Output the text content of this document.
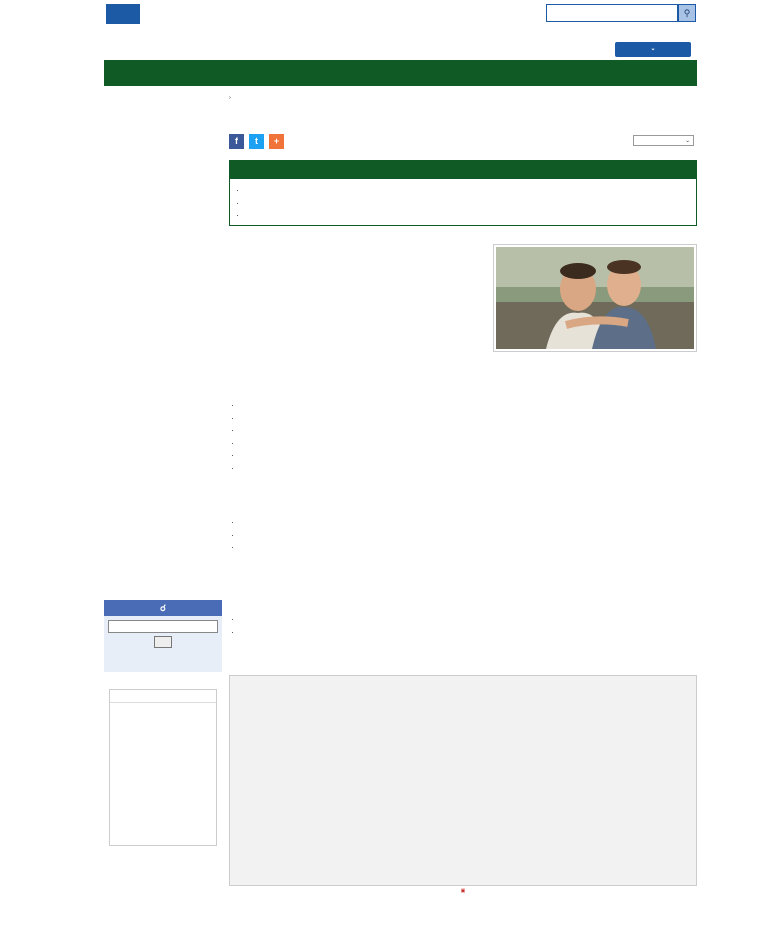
⚲
⌄
☌
›
f	t	+	⌄
•
•
•
•
•
•
•
•
•
•
•
•
•
•
▣
